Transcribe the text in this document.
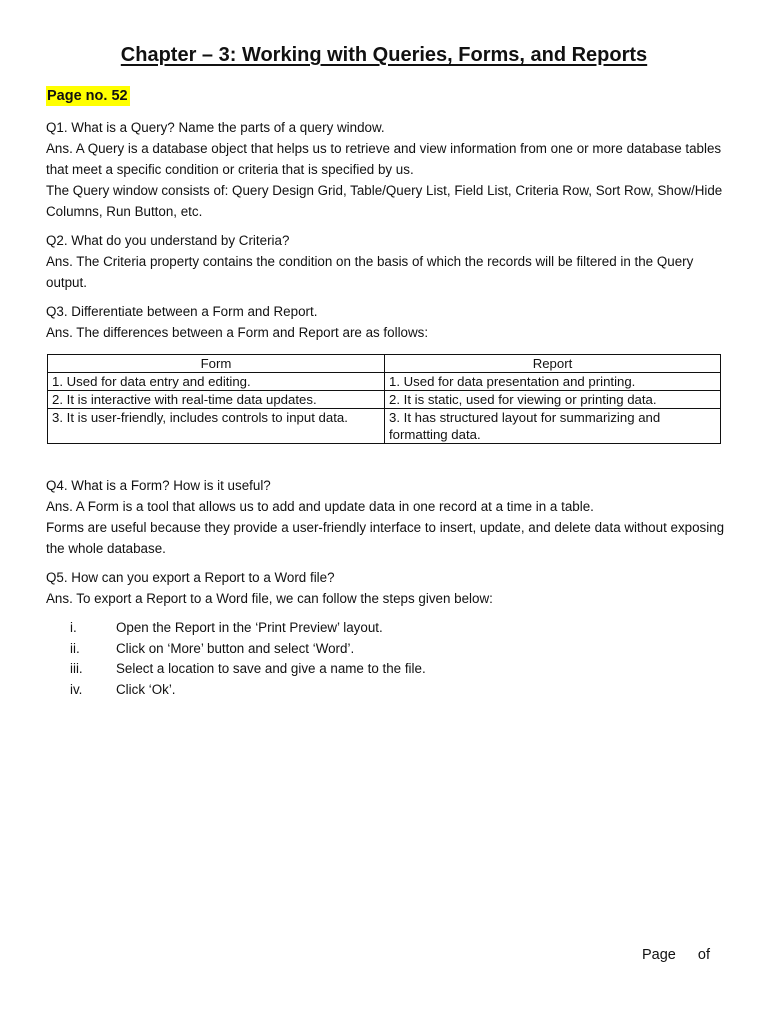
Chapter – 3: Working with Queries, Forms, and Reports
Page no. 52

Q1. What is a Query? Name the parts of a query window.

Ans. A Query is a database object that helps us to retrieve and view information from one or more database tables that meet a specific condition or criteria that is specified by us.

The Query window consists of: Query Design Grid, Table/Query List, Field List, Criteria Row, Sort Row, Show/Hide Columns, Run Button, etc.

Q2. What do you understand by Criteria?

Ans. The Criteria property contains the condition on the basis of which the records will be filtered in the Query output.

Q3. Differentiate between a Form and Report.

Ans. The differences between a Form and Report are as follows:

Form	Report
1. Used for data entry and editing.	1. Used for data presentation and printing.
2. It is interactive with real-time data updates.	2. It is static, used for viewing or printing data.
3. It is user-friendly, includes controls to input data.	3. It has structured layout for summarizing and formatting data.

Q4. What is a Form? How is it useful?

Ans. A Form is a tool that allows us to add and update data in one record at a time in a table.

Forms are useful because they provide a user-friendly interface to insert, update, and delete data without exposing the whole database.

Q5. How can you export a Report to a Word file?

Ans. To export a Report to a Word file, we can follow the steps given below:

i.	Open the Report in the ‘Print Preview’ layout.
ii.	Click on ‘More’ button and select ‘Word’.
iii.	Select a location to save and give a name to the file.
iv.	Click ‘Ok’.
Page of
